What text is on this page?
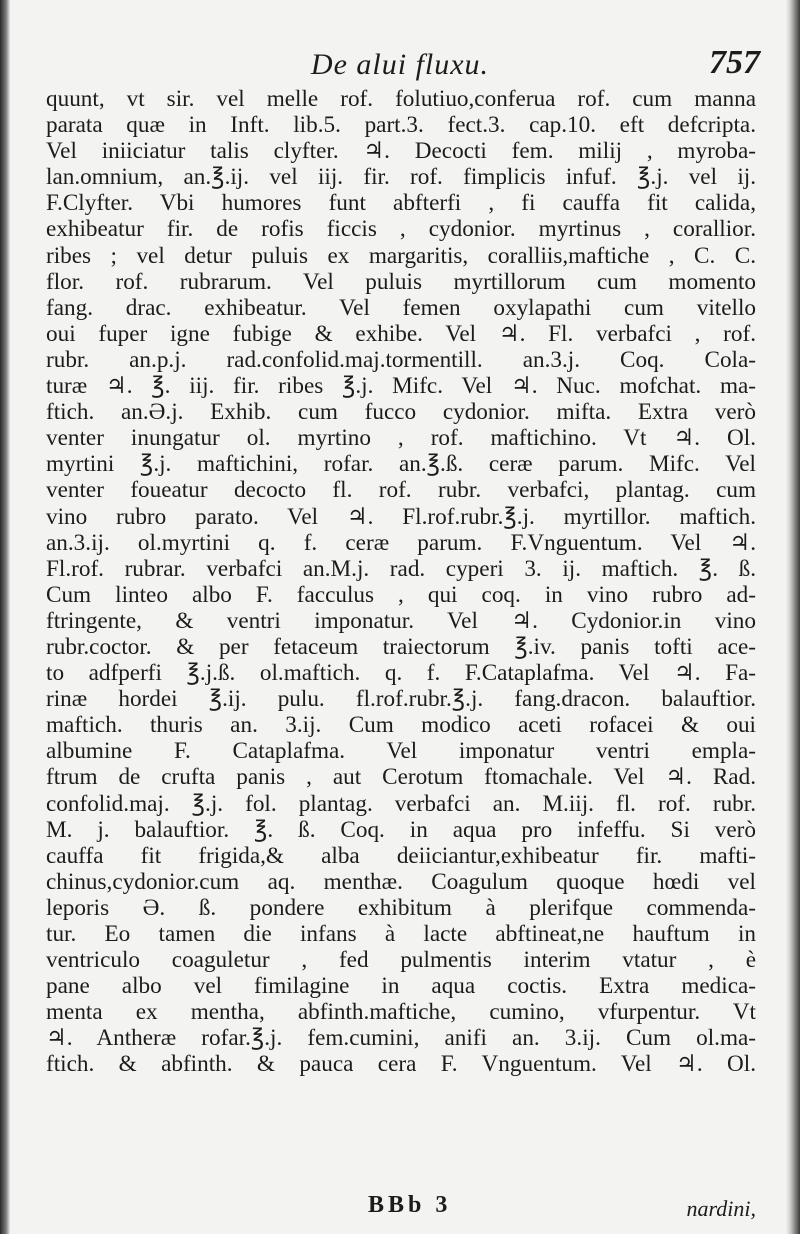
De alui fluxu.	757
quunt, vt sir. vel melle rof. folutiuo,conferua rof. cum manna
parata quæ in Inft. lib.5. part.3. fect.3. cap.10. eft defcripta.
Vel iniiciatur talis clyfter. ♃. Decocti fem. milij , myroba-
lan.omnium, an.℥.ij. vel iij. fir. rof. fimplicis infuf. ℥.j. vel ij.
F.Clyfter. Vbi humores funt abfterfi , fi cauffa fit calida,
exhibeatur fir. de rofis ficcis , cydonior. myrtinus , corallior.
ribes ; vel detur puluis ex margaritis, coralliis,maftiche , C. C.
flor. rof. rubrarum. Vel puluis myrtillorum cum momento
fang. drac. exhibeatur. Vel femen oxylapathi cum vitello
oui fuper igne fubige & exhibe. Vel ♃. Fl. verbafci , rof.
rubr. an.p.j. rad.confolid.maj.tormentill. an.3.j. Coq. Cola-
turæ ♃. ℥. iij. fir. ribes ℥.j. Mifc. Vel ♃. Nuc. mofchat. ma-
ftich. an.Ə.j. Exhib. cum fucco cydonior. mifta. Extra verò
venter inungatur ol. myrtino , rof. maftichino. Vt ♃. Ol.
myrtini ℥.j. maftichini, rofar. an.℥.ß. ceræ parum. Mifc. Vel
venter foueatur decocto fl. rof. rubr. verbafci, plantag. cum
vino rubro parato. Vel ♃. Fl.rof.rubr.℥.j. myrtillor. maftich.
an.3.ij. ol.myrtini q. f. ceræ parum. F.Vnguentum. Vel ♃.
Fl.rof. rubrar. verbafci an.M.j. rad. cyperi 3. ij. maftich. ℥. ß.
Cum linteo albo F. facculus , qui coq. in vino rubro ad-
ftringente, & ventri imponatur. Vel ♃. Cydonior.in vino
rubr.coctor. & per fetaceum traiectorum ℥.iv. panis tofti ace-
to adfperfi ℥.j.ß. ol.maftich. q. f. F.Cataplafma. Vel ♃. Fa-
rinæ hordei ℥.ij. pulu. fl.rof.rubr.℥.j. fang.dracon. balauftior.
maftich. thuris an. 3.ij. Cum modico aceti rofacei & oui
albumine F. Cataplafma. Vel imponatur ventri empla-
ftrum de crufta panis , aut Cerotum ftomachale. Vel ♃. Rad.
confolid.maj. ℥.j. fol. plantag. verbafci an. M.iij. fl. rof. rubr.
M. j. balauftior. ℥. ß. Coq. in aqua pro infeffu. Si verò
cauffa fit frigida,& alba deiiciantur,exhibeatur fir. mafti-
chinus,cydonior.cum aq. menthæ. Coagulum quoque hœdi vel
leporis Ə. ß. pondere exhibitum à plerifque commenda-
tur. Eo tamen die infans à lacte abftineat,ne hauftum in
ventriculo coaguletur , fed pulmentis interim vtatur , è
pane albo vel fimilagine in aqua coctis. Extra medica-
menta ex mentha, abfinth.maftiche, cumino, vfurpentur. Vt
♃. Antheræ rofar.℥.j. fem.cumini, anifi an. 3.ij. Cum ol.ma-
ftich. & abfinth. & pauca cera F. Vnguentum. Vel ♃. Ol.
BBb 3	nardini,
